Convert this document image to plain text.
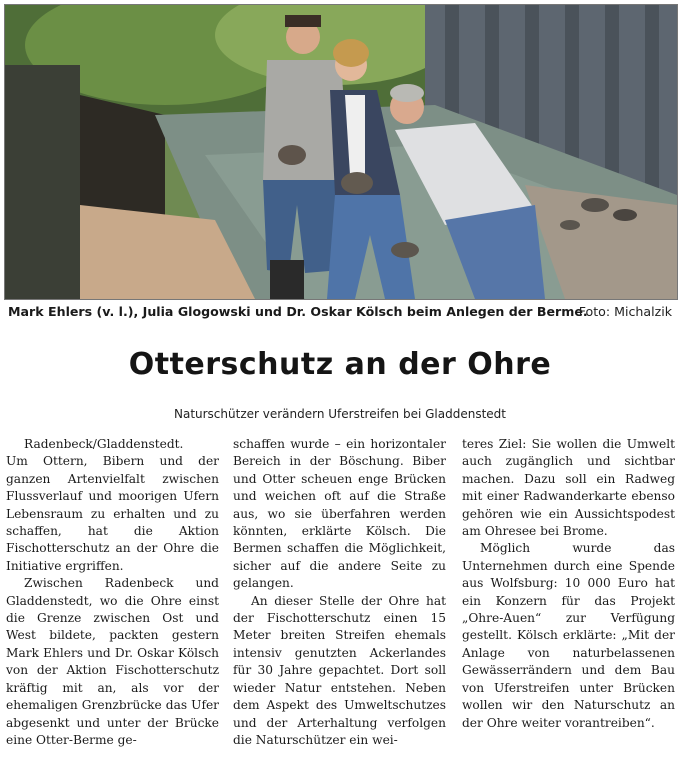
Mark Ehlers (v. l.), Julia Glogowski und Dr. Oskar Kölsch beim Anlegen der Berme.
Foto: Michalzik
Otterschutz an der Ohre
Naturschützer verändern Uferstreifen bei Gladdenstedt

Radenbeck/Gladdenstedt.

Um Ottern, Bibern und der ganzen Artenvielfalt zwischen Flussverlauf und moorigen Ufern Lebensraum zu erhalten und zu schaffen, hat die Aktion Fischotterschutz an der Ohre die Initiative ergriffen.

Zwischen Radenbeck und Gladdenstedt, wo die Ohre einst die Grenze zwischen Ost und West bildete, packten gestern Mark Ehlers und Dr. Oskar Kölsch von der Aktion Fischotterschutz kräftig mit an, als vor der ehemaligen Grenzbrücke das Ufer abgesenkt und unter der Brücke eine Otter-Berme ge-

schaffen wurde – ein horizontaler Bereich in der Böschung. Biber und Otter scheuen enge Brücken und weichen oft auf die Straße aus, wo sie überfahren werden könnten, erklärte Kölsch. Die Bermen schaffen die Möglichkeit, sicher auf die andere Seite zu gelangen.

An dieser Stelle der Ohre hat der Fischotterschutz einen 15 Meter breiten Streifen ehemals intensiv genutzten Ackerlandes für 30 Jahre gepachtet. Dort soll wieder Natur entstehen. Neben dem Aspekt des Umweltschutzes und der Arterhaltung verfolgen die Naturschützer ein wei-

teres Ziel: Sie wollen die Umwelt auch zugänglich und sichtbar machen. Dazu soll ein Radweg mit einer Radwanderkarte ebenso gehören wie ein Aussichtspodest am Ohresee bei Brome.

Möglich wurde das Unternehmen durch eine Spende aus Wolfsburg: 10 000 Euro hat ein Konzern für das Projekt „Ohre-Auen“ zur Verfügung gestellt. Kölsch erklärte: „Mit der Anlage von naturbelassenen Gewässerrändern und dem Bau von Uferstreifen unter Brücken wollen wir den Naturschutz an der Ohre weiter vorantreiben“.
